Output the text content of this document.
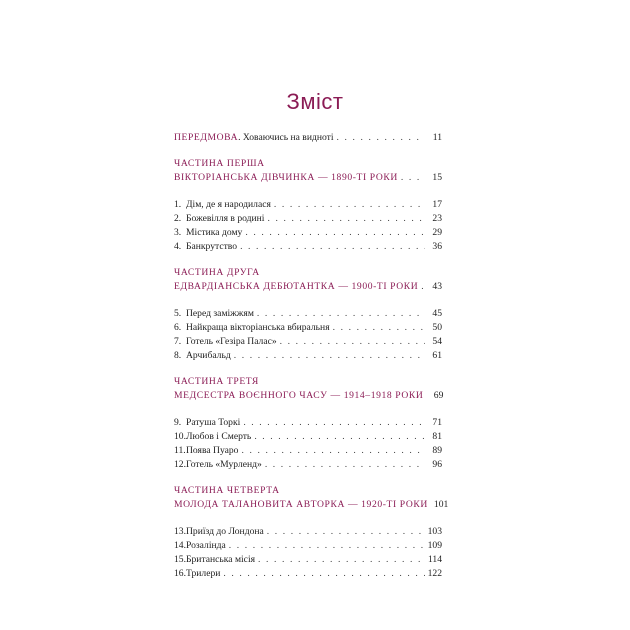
Зміст
ПЕРЕДМОВА. Ховаючись на видноті . . .	11
ЧАСТИНА ПЕРША
ВІКТОРІАНСЬКА ДІВЧИНКА — 1890-ТІ РОКИ . . .	15
1. Дім, де я народилася . . .	17
2. Божевілля в родині . . .	23
3. Містика дому . . .	29
4. Банкрутство . . .	36
ЧАСТИНА ДРУГА
ЕДВАРДІАНСЬКА ДЕБЮТАНТКА — 1900-ТІ РОКИ . . .	43
5. Перед заміжжям . . .	45
6. Найкраща вікторіанська вбиральня . . .	50
7. Готель «Гезіра Палас» . . .	54
8. Арчибальд . . .	61
ЧАСТИНА ТРЕТЯ
МЕДСЕСТРА ВОЄННОГО ЧАСУ — 1914–1918 РОКИ	69
9. Ратуша Торкі . . .	71
10. Любов і Смерть . . .	81
11. Поява Пуаро . . .	89
12. Готель «Мурленд» . . .	96
ЧАСТИНА ЧЕТВЕРТА
МОЛОДА ТАЛАНОВИТА АВТОРКА — 1920-ТІ РОКИ 101
13. Приїзд до Лондона . . .	103
14. Розалінда . . .	109
15. Британська місія . . .	114
16. Трилери . . .	122
